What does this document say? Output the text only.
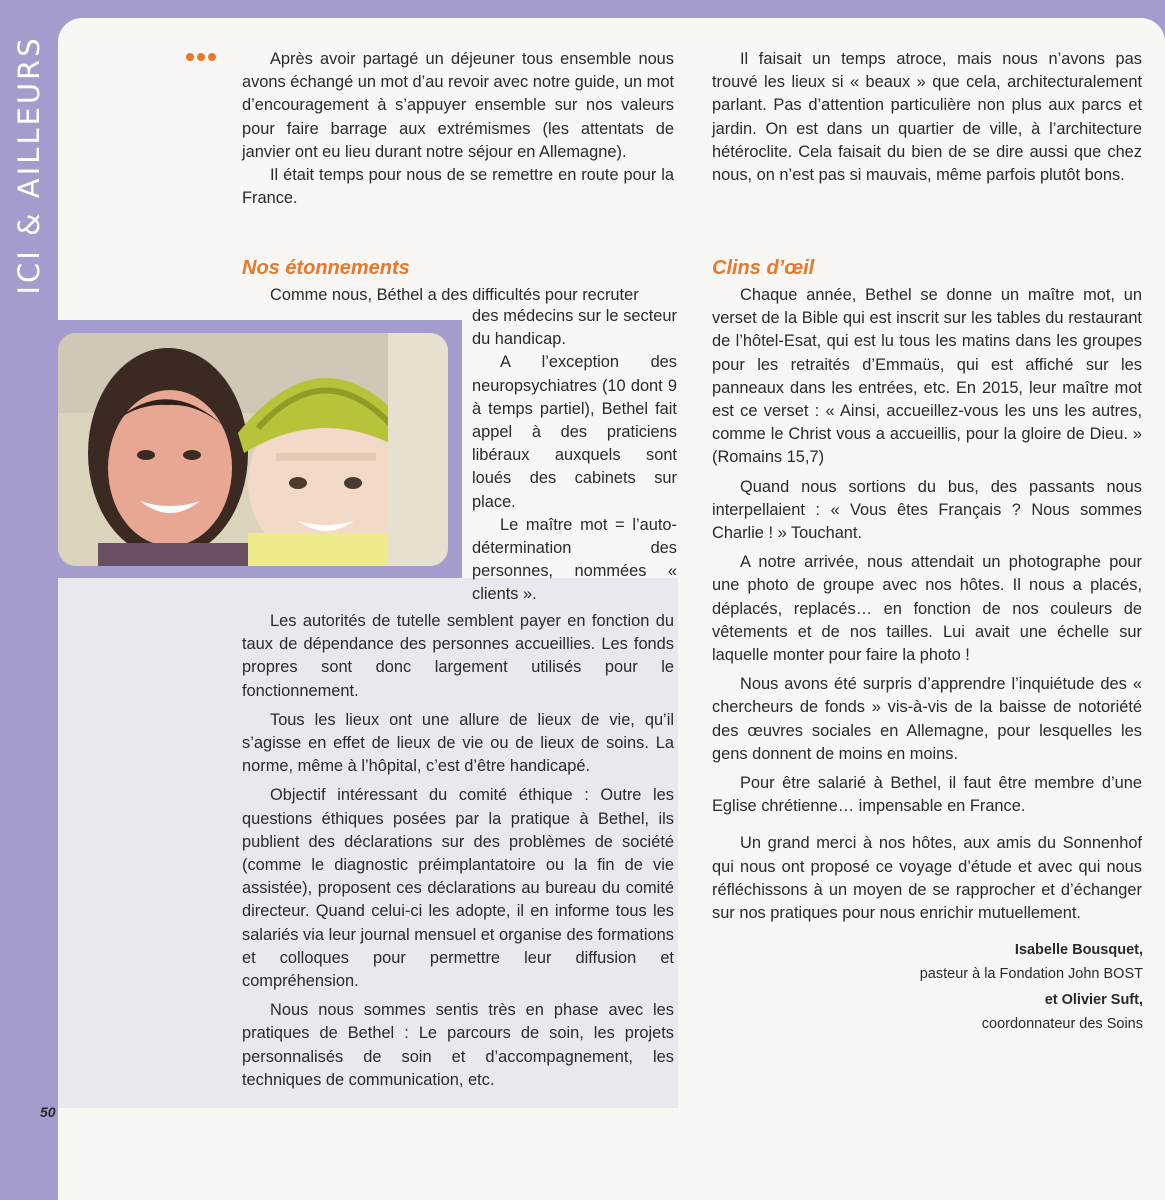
ICI & AILLEURS	Après avoir partagé un déjeuner tous ensemble nous avons échangé un mot d’au revoir avec notre guide, un mot d’encouragement à s’appuyer ensemble sur nos valeurs pour faire barrage aux extrémismes (les attentats de janvier ont eu lieu durant notre séjour en Allemagne).

Il était temps pour nous de se remettre en route pour la France.

Nos étonnements

Comme nous, Béthel a des difficultés pour recruter

des médecins sur le secteur du handicap.

A l’exception des neuropsychiatres (10 dont 9 à temps partiel), Bethel fait appel à des praticiens libéraux auxquels sont loués des cabinets sur place.

Le maître mot = l’auto-détermination des personnes, nommées « clients ».

Les autorités de tutelle semblent payer en fonction du taux de dépendance des personnes accueillies. Les fonds propres sont donc largement utilisés pour le fonctionnement.

Tous les lieux ont une allure de lieux de vie, qu’il s’agisse en effet de lieux de vie ou de lieux de soins. La norme, même à l’hôpital, c’est d’être handicapé.

Objectif intéressant du comité éthique : Outre les questions éthiques posées par la pratique à Bethel, ils publient des déclarations sur des problèmes de société (comme le diagnostic préimplantatoire ou la fin de vie assistée), proposent ces déclarations au bureau du comité directeur. Quand celui-ci les adopte, il en informe tous les salariés via leur journal mensuel et organise des formations et colloques pour permettre leur diffusion et compréhension.

Nous nous sommes sentis très en phase avec les pratiques de Bethel : Le parcours de soin, les projets personnalisés de soin et d’accompagnement, les techniques de communication, etc.

Il faisait un temps atroce, mais nous n’avons pas trouvé les lieux si « beaux » que cela, architecturalement parlant. Pas d’attention particulière non plus aux parcs et jardin. On est dans un quartier de ville, à l’architecture hétéroclite. Cela faisait du bien de se dire aussi que chez nous, on n’est pas si mauvais, même parfois plutôt bons.

Clins d’œil

Chaque année, Bethel se donne un maître mot, un verset de la Bible qui est inscrit sur les tables du restaurant de l’hôtel-Esat, qui est lu tous les matins dans les groupes pour les retraités d’Emmaüs, qui est affiché sur les panneaux dans les entrées, etc. En 2015, leur maître mot est ce verset : « Ainsi, accueillez-vous les uns les autres, comme le Christ vous a accueillis, pour la gloire de Dieu. » (Romains 15,7)

Quand nous sortions du bus, des passants nous interpellaient : « Vous êtes Français ? Nous sommes Charlie ! » Touchant.

A notre arrivée, nous attendait un photographe pour une photo de groupe avec nos hôtes. Il nous a placés, déplacés, replacés… en fonction de nos couleurs de vêtements et de nos tailles. Lui avait une échelle sur laquelle monter pour faire la photo !

Nous avons été surpris d’apprendre l’inquiétude des « chercheurs de fonds » vis-à-vis de la baisse de notoriété des œuvres sociales en Allemagne, pour lesquelles les gens donnent de moins en moins.

Pour être salarié à Bethel, il faut être membre d’une Eglise chrétienne… impensable en France.

Un grand merci à nos hôtes, aux amis du Sonnenhof qui nous ont proposé ce voyage d’étude et avec qui nous réfléchissons à un moyen de se rapprocher et d’échanger sur nos pratiques pour nous enrichir mutuellement.

Isabelle Bousquet,
pasteur à la Fondation John BOST
et Olivier Suft,
coordonnateur des Soins
50
